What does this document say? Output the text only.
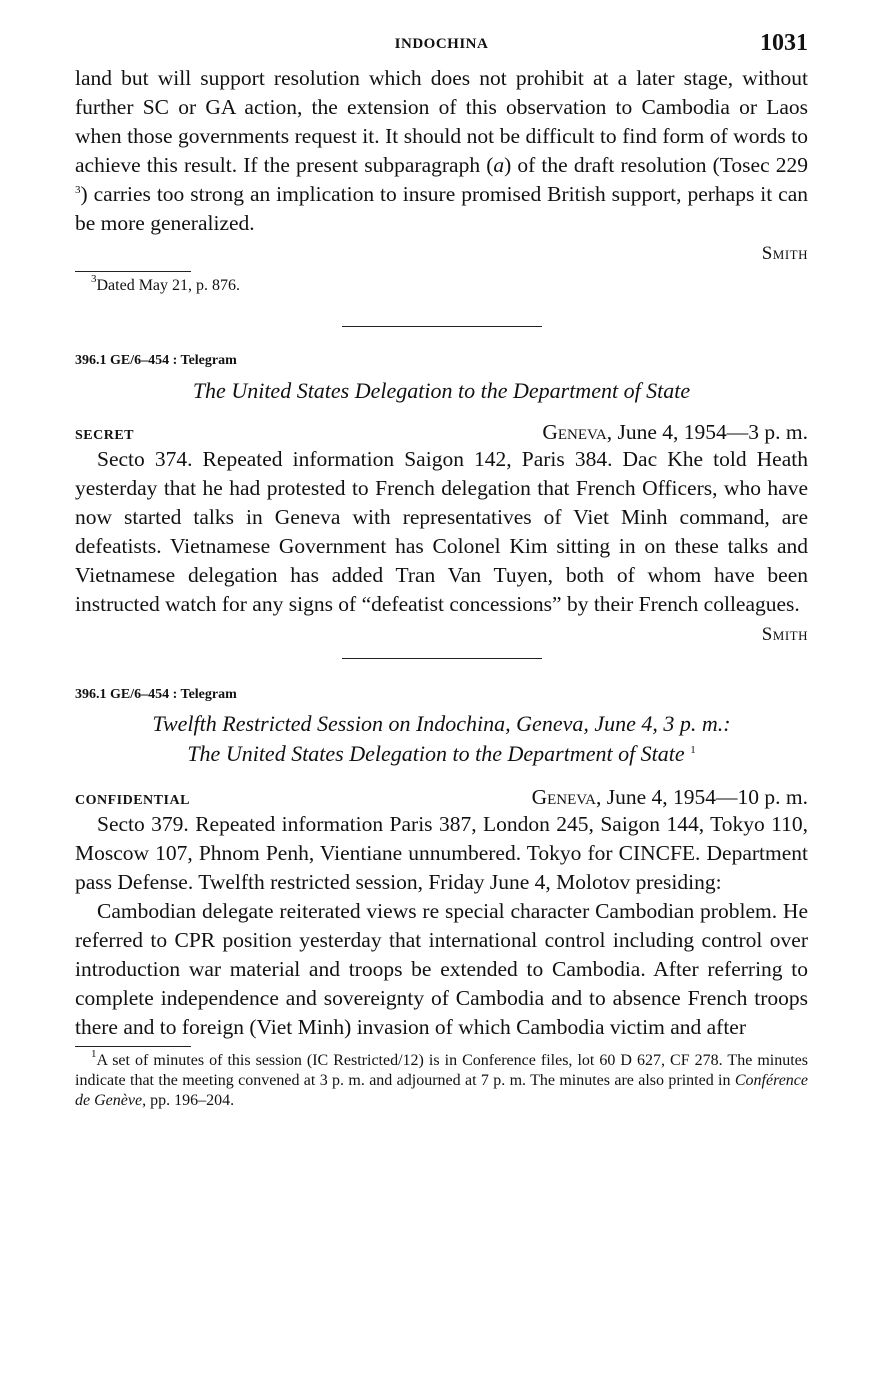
INDOCHINA	1031

land but will support resolution which does not prohibit at a later stage, without further SC or GA action, the extension of this observation to Cambodia or Laos when those governments request it. It should not be difficult to find form of words to achieve this result. If the present subparagraph (a) of the draft resolution (Tosec 229 $^3$) carries too strong an implication to insure promised British support, perhaps it can be more generalized.

Smith

$^3$Dated May 21, p. 876.

396.1 GE/6–454 : Telegram
The United States Delegation to the Department of State
SECRET	Geneva, June 4, 1954—3 p. m.

Secto 374. Repeated information Saigon 142, Paris 384. Dac Khe told Heath yesterday that he had protested to French delegation that French Officers, who have now started talks in Geneva with representatives of Viet Minh command, are defeatists. Vietnamese Government has Colonel Kim sitting in on these talks and Vietnamese delegation has added Tran Van Tuyen, both of whom have been instructed watch for any signs of “defeatist concessions” by their French colleagues.

Smith
396.1 GE/6–454 : Telegram
Twelfth Restricted Session on Indochina, Geneva, June 4, 3 p. m.:
The United States Delegation to the Department of State $^1$
CONFIDENTIAL	Geneva, June 4, 1954—10 p. m.

Secto 379. Repeated information Paris 387, London 245, Saigon 144, Tokyo 110, Moscow 107, Phnom Penh, Vientiane unnumbered. Tokyo for CINCFE. Department pass Defense. Twelfth restricted session, Friday June 4, Molotov presiding:

Cambodian delegate reiterated views re special character Cambodian problem. He referred to CPR position yesterday that international control including control over introduction war material and troops be extended to Cambodia. After referring to complete independence and sovereignty of Cambodia and to absence French troops there and to foreign (Viet Minh) invasion of which Cambodia victim and after

$^1$A set of minutes of this session (IC Restricted/12) is in Conference files, lot 60 D 627, CF 278. The minutes indicate that the meeting convened at 3 p. m. and adjourned at 7 p. m. The minutes are also printed in Conférence de Genève, pp. 196–204.
